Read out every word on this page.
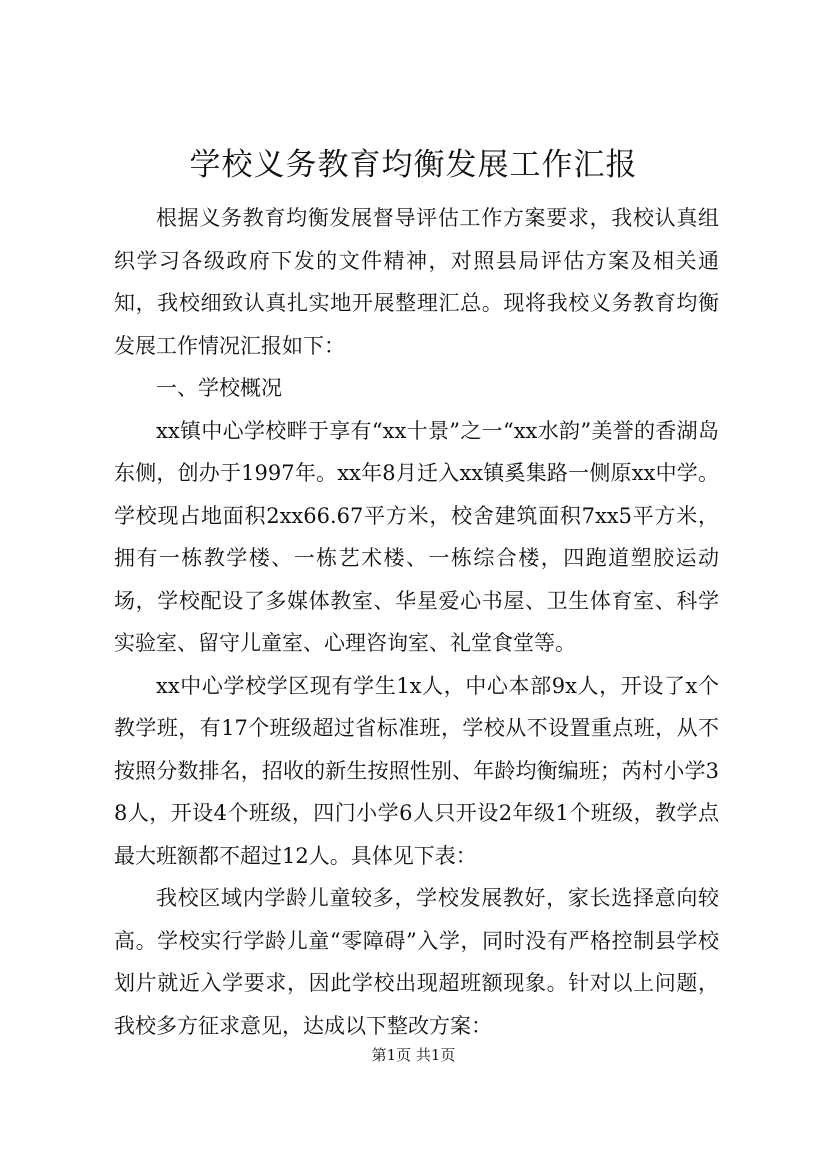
学校义务教育均衡发展工作汇报

根据义务教育均衡发展督导评估工作方案要求，我校认真组织学习各级政府下发的文件精神，对照县局评估方案及相关通知，我校细致认真扎实地开展整理汇总。现将我校义务教育均衡发展工作情况汇报如下：

一、学校概况

xx镇中心学校畔于享有“xx十景”之一“xx水韵”美誉的香湖岛东侧，创办于1997年。xx年8月迁入xx镇奚集路一侧原xx中学。学校现占地面积2xx66.67平方米，校舍建筑面积7xx5平方米，拥有一栋教学楼、一栋艺术楼、一栋综合楼，四跑道塑胶运动场，学校配设了多媒体教室、华星爱心书屋、卫生体育室、科学实验室、留守儿童室、心理咨询室、礼堂食堂等。

xx中心学校学区现有学生1x人，中心本部9x人，开设了x个教学班，有17个班级超过省标准班，学校从不设置重点班，从不按照分数排名，招收的新生按照性别、年龄均衡编班；芮村小学38人，开设4个班级，四门小学6人只开设2年级1个班级，教学点最大班额都不超过12人。具体见下表：

我校区域内学龄儿童较多，学校发展教好，家长选择意向较高。学校实行学龄儿童“零障碍”入学，同时没有严格控制县学校划片就近入学要求，因此学校出现超班额现象。针对以上问题，我校多方征求意见，达成以下整改方案：

第1页 共1页
